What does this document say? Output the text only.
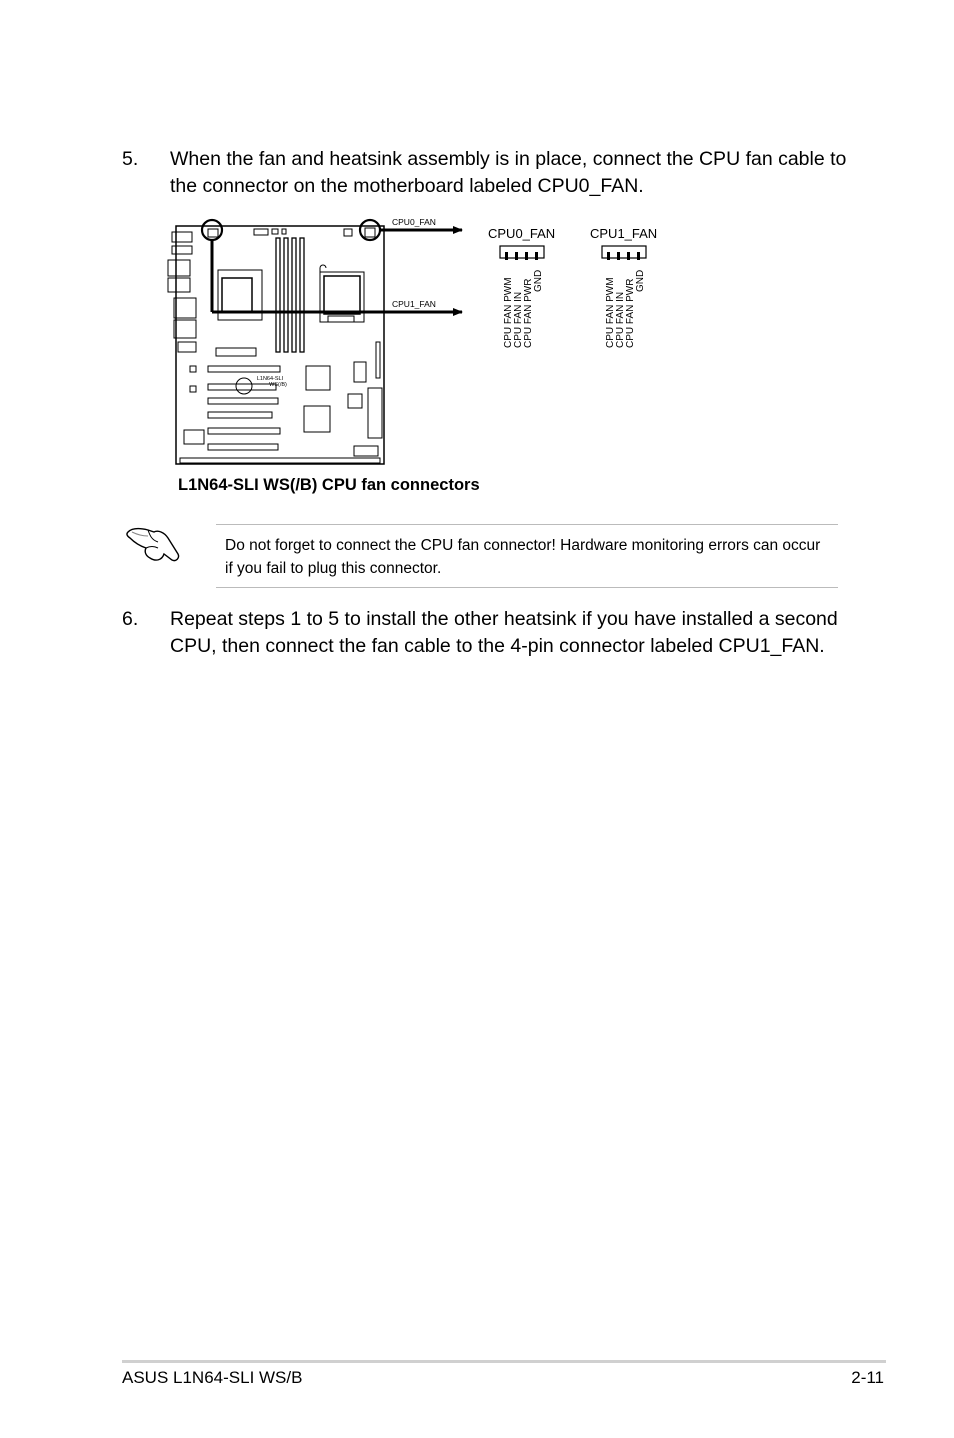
5. When the fan and heatsink assembly is in place, connect the CPU fan cable to the connector on the motherboard labeled CPU0_FAN.
CPU0_FAN
CPU1_FAN
L1N64-SLI
WS(/B)
CPU0_FAN
CPU FAN PWM CPU FAN IN CPU FAN PWR GND
CPU1_FAN
CPU FAN PWM CPU FAN IN CPU FAN PWR GND
L1N64-SLI WS(/B) CPU fan connectors
Do not forget to connect the CPU fan connector! Hardware monitoring errors can occur if you fail to plug this connector.
6. Repeat steps 1 to 5 to install the other heatsink if you have installed a second CPU, then connect the fan cable to the 4-pin connector labeled CPU1_FAN.
ASUS L1N64-SLI WS/B	2-11
